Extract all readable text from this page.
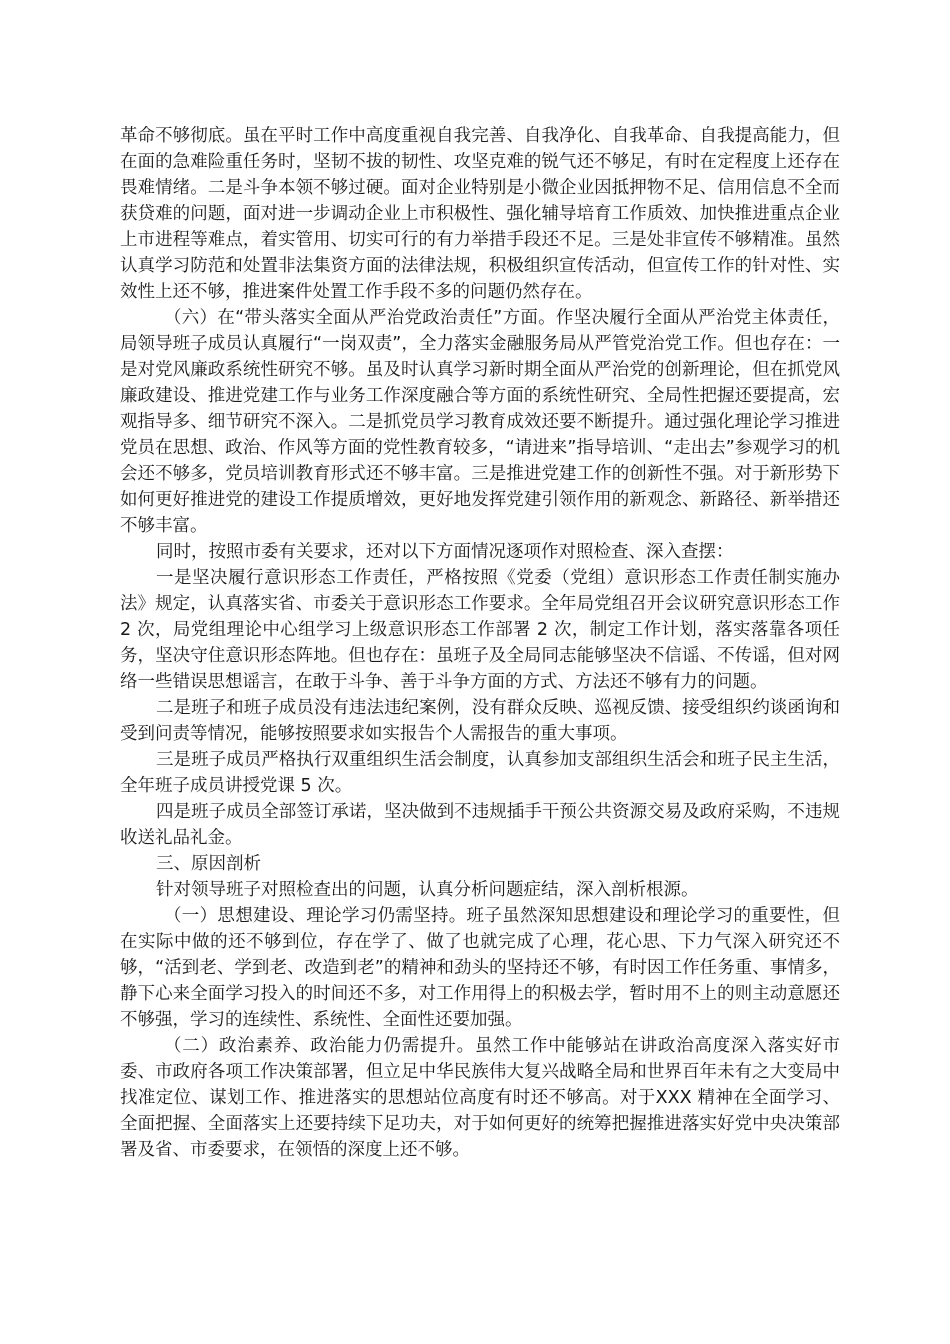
革命不够彻底。虽在平时工作中高度重视自我完善、自我净化、自我革命、自我提高能力，但在面的急难险重任务时，坚韧不拔的韧性、攻坚克难的锐气还不够足，有时在定程度上还存在畏难情绪。二是斗争本领不够过硬。面对企业特别是小微企业因抵押物不足、信用信息不全而获贷难的问题，面对进一步调动企业上市积极性、强化辅导培育工作质效、加快推进重点企业上市进程等难点，着实管用、切实可行的有力举措手段还不足。三是处非宣传不够精准。虽然认真学习防范和处置非法集资方面的法律法规，积极组织宣传活动，但宣传工作的针对性、实效性上还不够，推进案件处置工作手段不多的问题仍然存在。

（六）在“带头落实全面从严治党政治责任”方面。作坚决履行全面从严治党主体责任，局领导班子成员认真履行“一岗双责”，全力落实金融服务局从严管党治党工作。但也存在：一是对党风廉政系统性研究不够。虽及时认真学习新时期全面从严治党的创新理论，但在抓党风廉政建设、推进党建工作与业务工作深度融合等方面的系统性研究、全局性把握还要提高，宏观指导多、细节研究不深入。二是抓党员学习教育成效还要不断提升。通过强化理论学习推进党员在思想、政治、作风等方面的党性教育较多，“请进来”指导培训、“走出去”参观学习的机会还不够多，党员培训教育形式还不够丰富。三是推进党建工作的创新性不强。对于新形势下如何更好推进党的建设工作提质增效，更好地发挥党建引领作用的新观念、新路径、新举措还不够丰富。

同时，按照市委有关要求，还对以下方面情况逐项作对照检查、深入查摆：

一是坚决履行意识形态工作责任，严格按照《党委（党组）意识形态工作责任制实施办法》规定，认真落实省、市委关于意识形态工作要求。全年局党组召开会议研究意识形态工作 2 次，局党组理论中心组学习上级意识形态工作部署 2 次，制定工作计划，落实落靠各项任务，坚决守住意识形态阵地。但也存在：虽班子及全局同志能够坚决不信谣、不传谣，但对网络一些错误思想谣言，在敢于斗争、善于斗争方面的方式、方法还不够有力的问题。

二是班子和班子成员没有违法违纪案例，没有群众反映、巡视反馈、接受组织约谈函询和受到问责等情况，能够按照要求如实报告个人需报告的重大事项。

三是班子成员严格执行双重组织生活会制度，认真参加支部组织生活会和班子民主生活，全年班子成员讲授党课 5 次。

四是班子成员全部签订承诺，坚决做到不违规插手干预公共资源交易及政府采购，不违规收送礼品礼金。

三、原因剖析

针对领导班子对照检查出的问题，认真分析问题症结，深入剖析根源。

（一）思想建设、理论学习仍需坚持。班子虽然深知思想建设和理论学习的重要性，但在实际中做的还不够到位，存在学了、做了也就完成了心理，花心思、下力气深入研究还不够，“活到老、学到老、改造到老”的精神和劲头的坚持还不够，有时因工作任务重、事情多，静下心来全面学习投入的时间还不多，对工作用得上的积极去学，暂时用不上的则主动意愿还不够强，学习的连续性、系统性、全面性还要加强。

（二）政治素养、政治能力仍需提升。虽然工作中能够站在讲政治高度深入落实好市委、市政府各项工作决策部署，但立足中华民族伟大复兴战略全局和世界百年未有之大变局中找准定位、谋划工作、推进落实的思想站位高度有时还不够高。对于XXX 精神在全面学习、全面把握、全面落实上还要持续下足功夫，对于如何更好的统筹把握推进落实好党中央决策部署及省、市委要求，在领悟的深度上还不够。
